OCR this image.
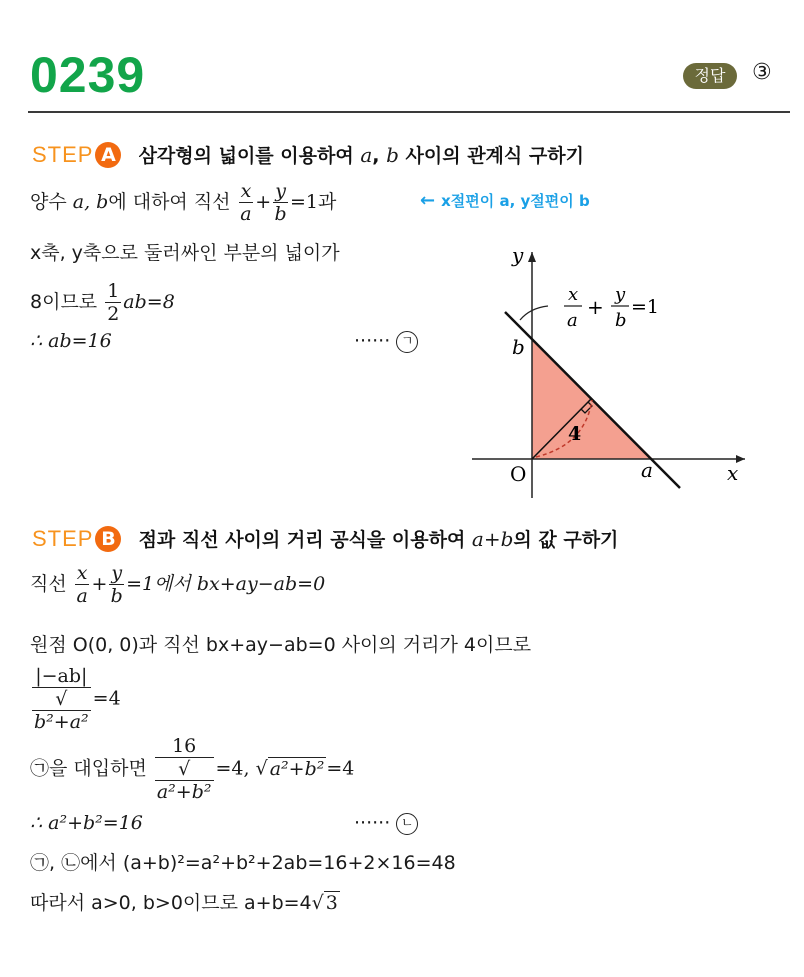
0239	정답	③
STEP A 삼각형의 넓이를 이용하여 a, b 사이의 관계식 구하기
양수 a, b에 대하여 직선 $\frac{x}{a} + \frac{y}{b} =1$과	← x절편이 a, y절편이 b
x축, y축으로 둘러싸인 부분의 넓이가
8이므로 $\frac{1}{2} ab=8$
∴ ab=16	······ ㄱ
y
x
O
b
a
4
x
a
+
y
b
=1
STEP B 점과 직선 사이의 거리 공식을 이용하여 a+b의 값 구하기
직선 $\frac{x}{a} + \frac{y}{b} =1$에서 bx+ay−ab=0
원점 O(0, 0)과 직선 bx+ay−ab=0 사이의 거리가 4이므로
|−ab|
√
b²+a² =4
㉠을 대입하면 16
√
a²+b² =4, √ a²+b² =4
∴ a²+b²=16	······ ㄴ
㉠, ㉡에서 (a+b)²=a²+b²+2ab=16+2×16=48
따라서 a>0, b>0이므로 a+b=4√ 3
